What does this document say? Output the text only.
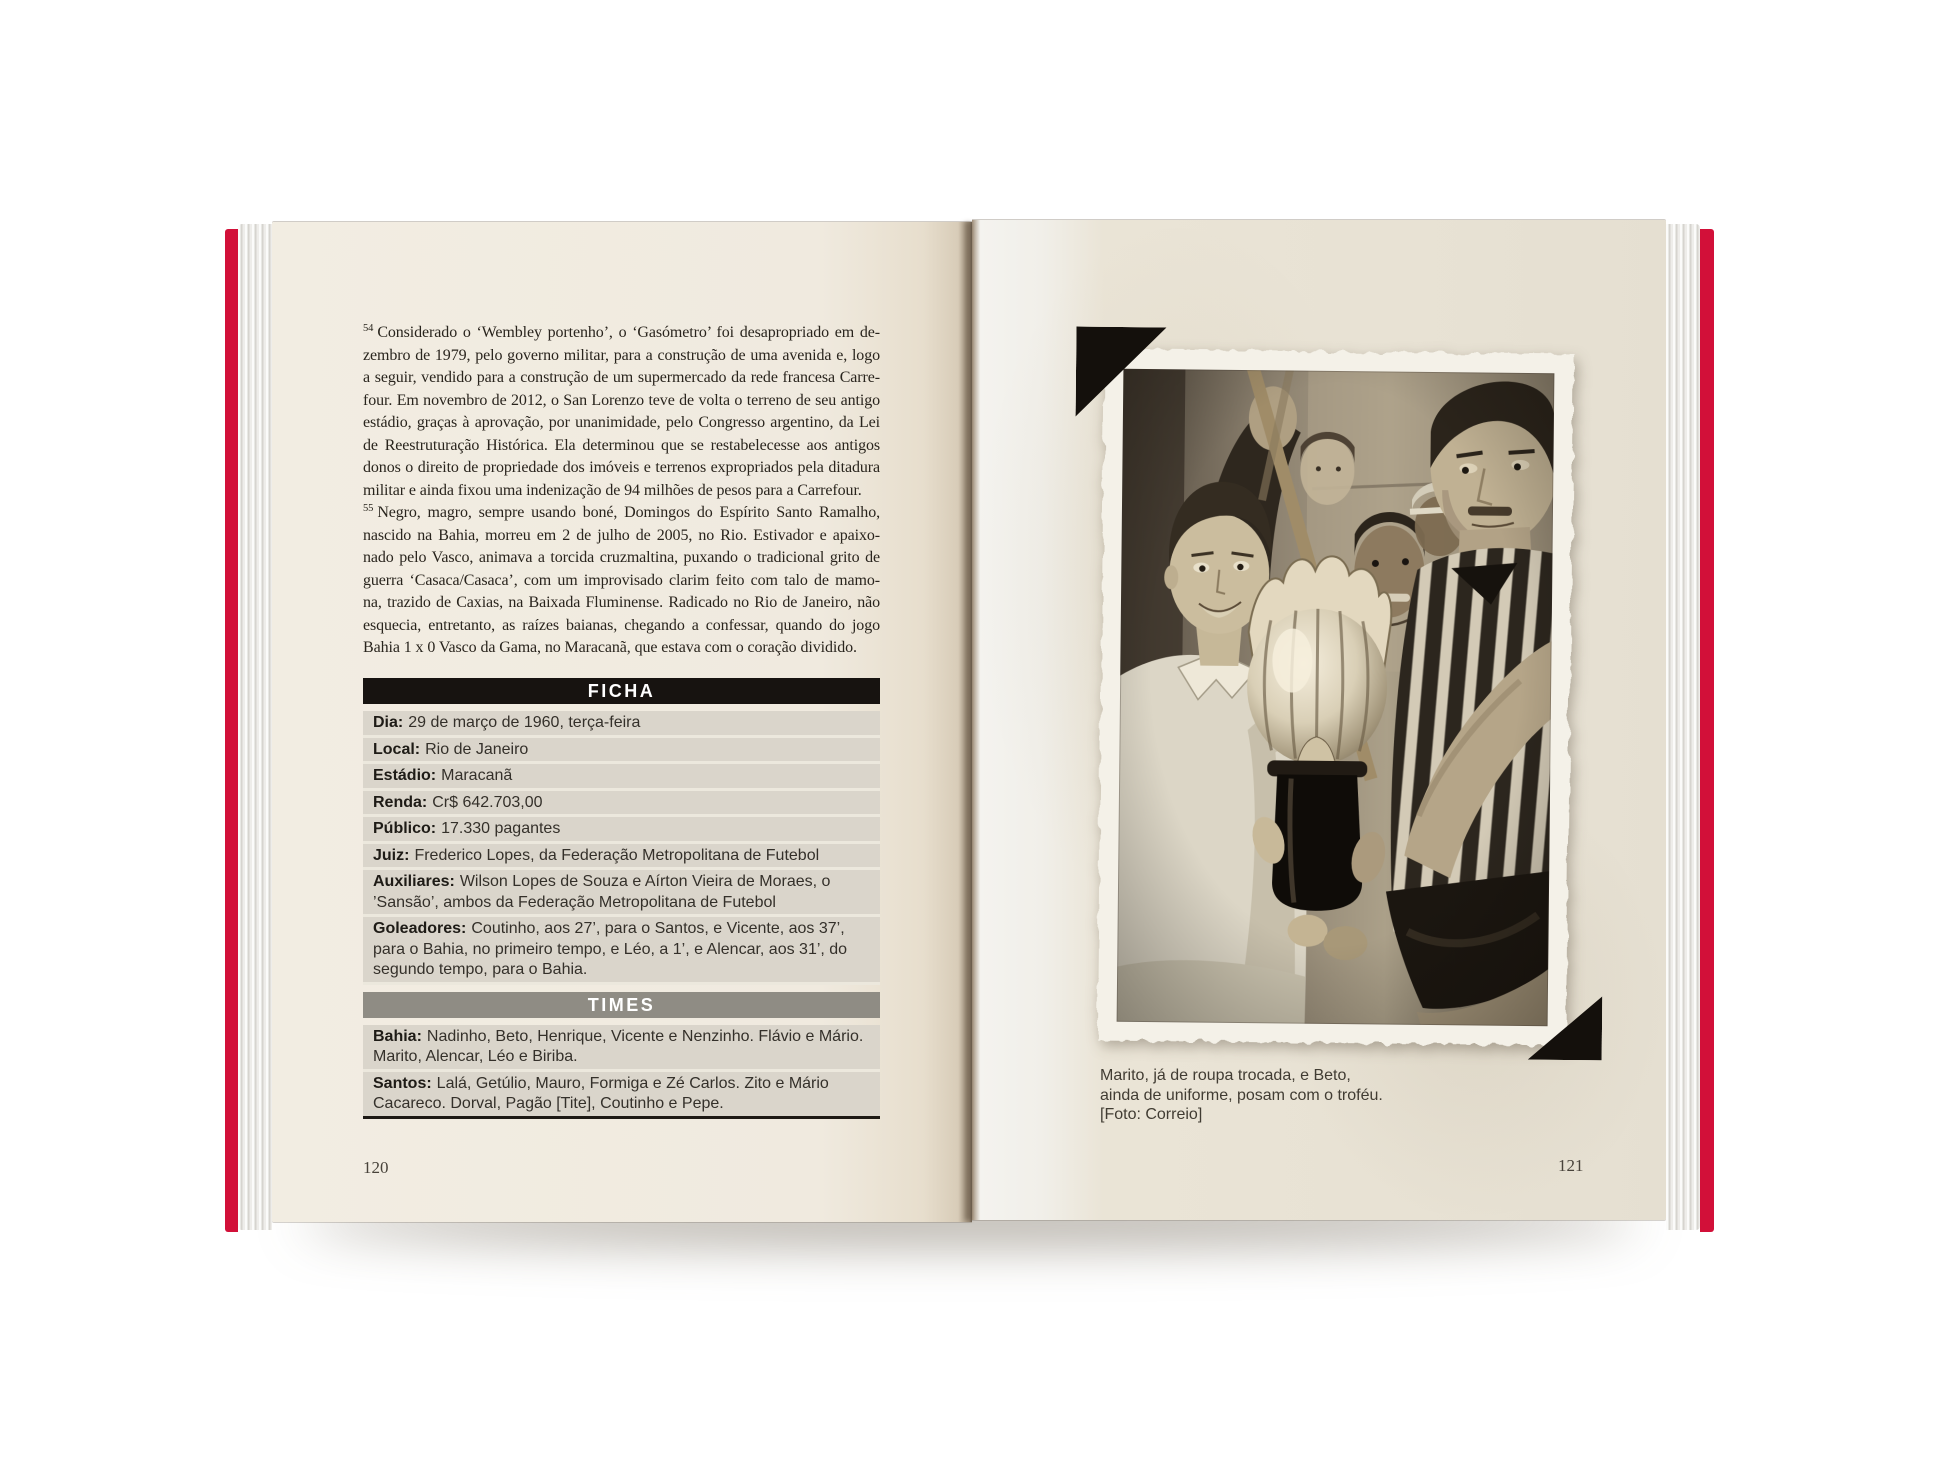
$^{54}$ Considerado o ‘Wembley portenho’, o ‘Gasómetro’ foi desapropriado em de-
zembro de 1979, pelo governo militar, para a construção de uma avenida e, logo
a seguir, vendido para a construção de um supermercado da rede francesa Carre-
four. Em novembro de 2012, o San Lorenzo teve de volta o terreno de seu antigo
estádio, graças à aprovação, por unanimidade, pelo Congresso argentino, da Lei
de Reestruturação Histórica. Ela determinou que se restabelecesse aos antigos
donos o direito de propriedade dos imóveis e terrenos expropriados pela ditadura
militar e ainda fixou uma indenização de 94 milhões de pesos para a Carrefour.
$^{55}$ Negro, magro, sempre usando boné, Domingos do Espírito Santo Ramalho,
nascido na Bahia, morreu em 2 de julho de 2005, no Rio. Estivador e apaixo-
nado pelo Vasco, animava a torcida cruzmaltina, puxando o tradicional grito de
guerra ‘Casaca/Casaca’, com um improvisado clarim feito com talo de mamo-
na, trazido de Caxias, na Baixada Fluminense. Radicado no Rio de Janeiro, não
esquecia, entretanto, as raízes baianas, chegando a confessar, quando do jogo
Bahia 1 x 0 Vasco da Gama, no Maracanã, que estava com o coração dividido.
FICHA
Dia: 29 de março de 1960, terça-feira
Local: Rio de Janeiro
Estádio: Maracanã
Renda: Cr$ 642.703,00
Público: 17.330 pagantes
Juiz: Frederico Lopes, da Federação Metropolitana de Futebol
Auxiliares: Wilson Lopes de Souza e Aírton Vieira de Moraes, o ’Sansão’, ambos da Federação Metropolitana de Futebol
Goleadores: Coutinho, aos 27’, para o Santos, e Vicente, aos 37’, para o Bahia, no primeiro tempo, e Léo, a 1’, e Alencar, aos 31’, do segundo tempo, para o Bahia.
TIMES
Bahia: Nadinho, Beto, Henrique, Vicente e Nenzinho. Flávio e Mário. Marito, Alencar, Léo e Biriba.
Santos: Lalá, Getúlio, Mauro, Formiga e Zé Carlos. Zito e Mário Cacareco. Dorval, Pagão [Tite], Coutinho e Pepe.
120
Marito, já de roupa trocada, e Beto,
ainda de uniforme, posam com o troféu.
[Foto: Correio]
121
